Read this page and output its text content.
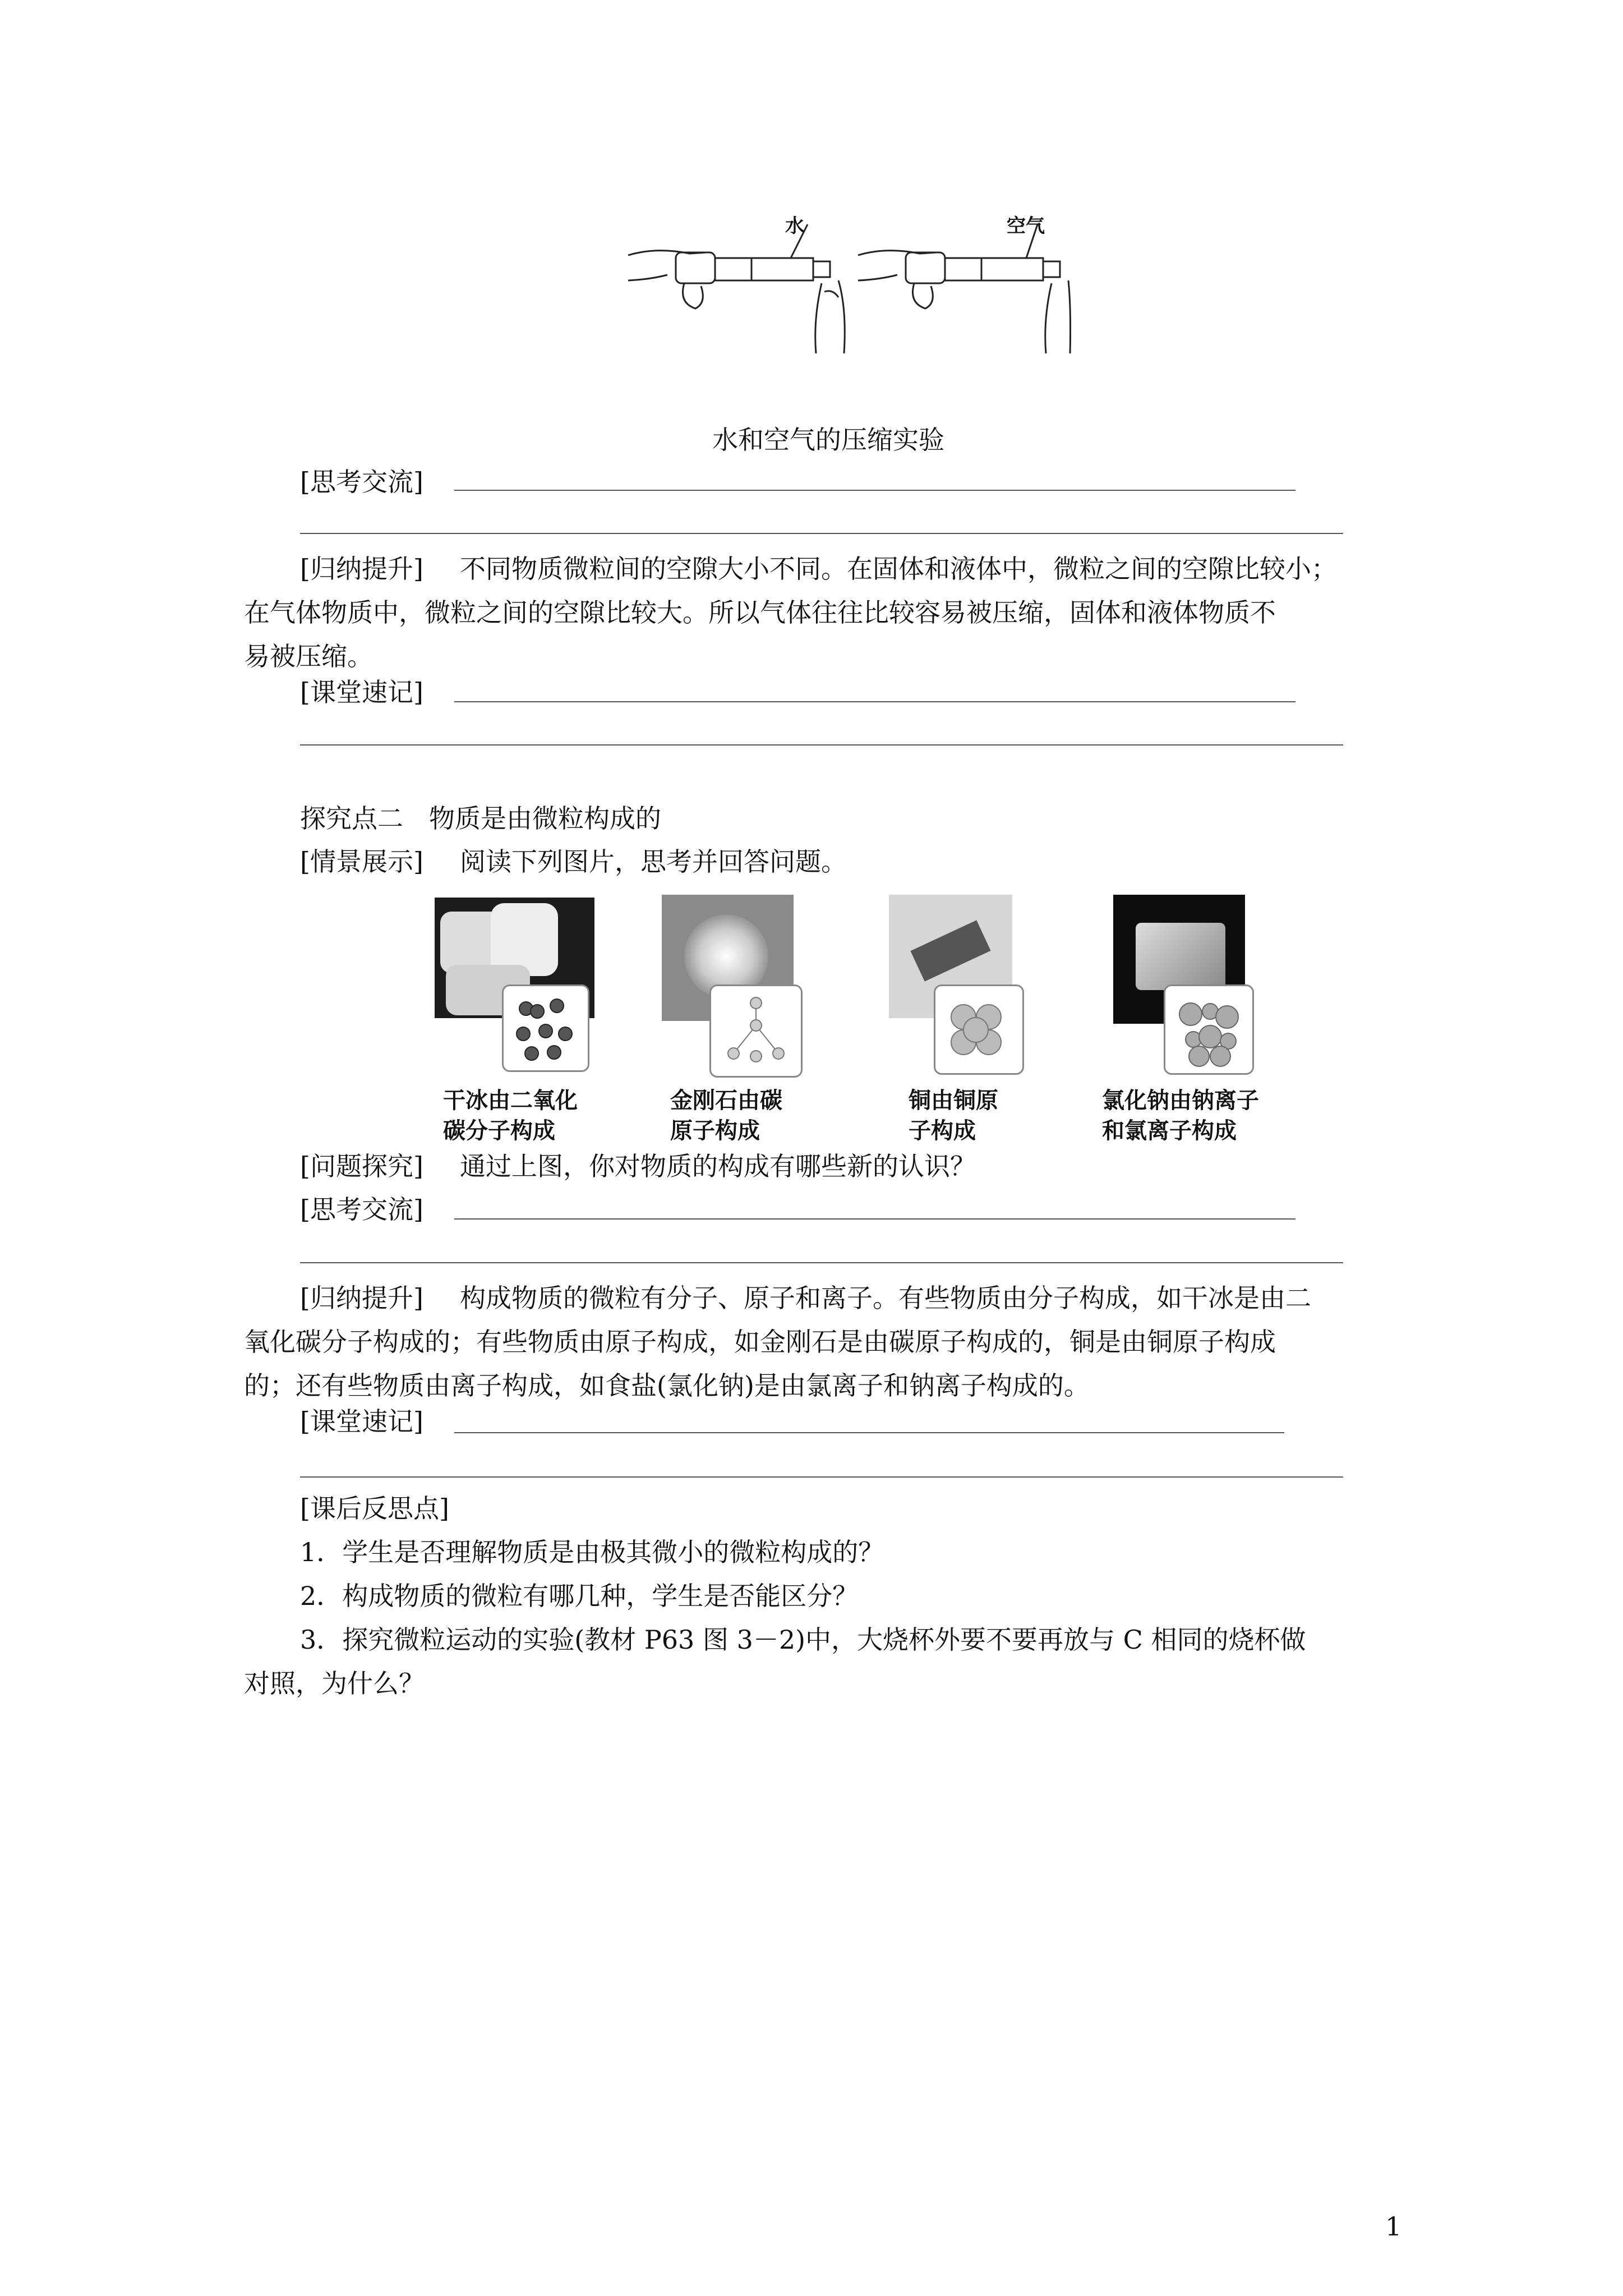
水	空气
水和空气的压缩实验
[思考交流]
[归纳提升] 不同物质微粒间的空隙大小不同。在固体和液体中，微粒之间的空隙比较小；
在气体物质中，微粒之间的空隙比较大。所以气体往往比较容易被压缩，固体和液体物质不
易被压缩。
[课堂速记]
探究点二　物质是由微粒构成的
[情景展示] 阅读下列图片，思考并回答问题。
干冰由二氧化
碳分子构成
金刚石由碳
原子构成
铜由铜原
子构成
氯化钠由钠离子
和氯离子构成
[问题探究] 通过上图，你对物质的构成有哪些新的认识？
[思考交流]
[归纳提升] 构成物质的微粒有分子、原子和离子。有些物质由分子构成，如干冰是由二
氧化碳分子构成的；有些物质由原子构成，如金刚石是由碳原子构成的，铜是由铜原子构成
的；还有些物质由离子构成，如食盐(氯化钠)是由氯离子和钠离子构成的。
[课堂速记]
[课后反思点]
1．学生是否理解物质是由极其微小的微粒构成的？
2．构成物质的微粒有哪几种，学生是否能区分？
3．探究微粒运动的实验(教材 P63 图 3－2)中，大烧杯外要不要再放与 C 相同的烧杯做
对照，为什么？
1
